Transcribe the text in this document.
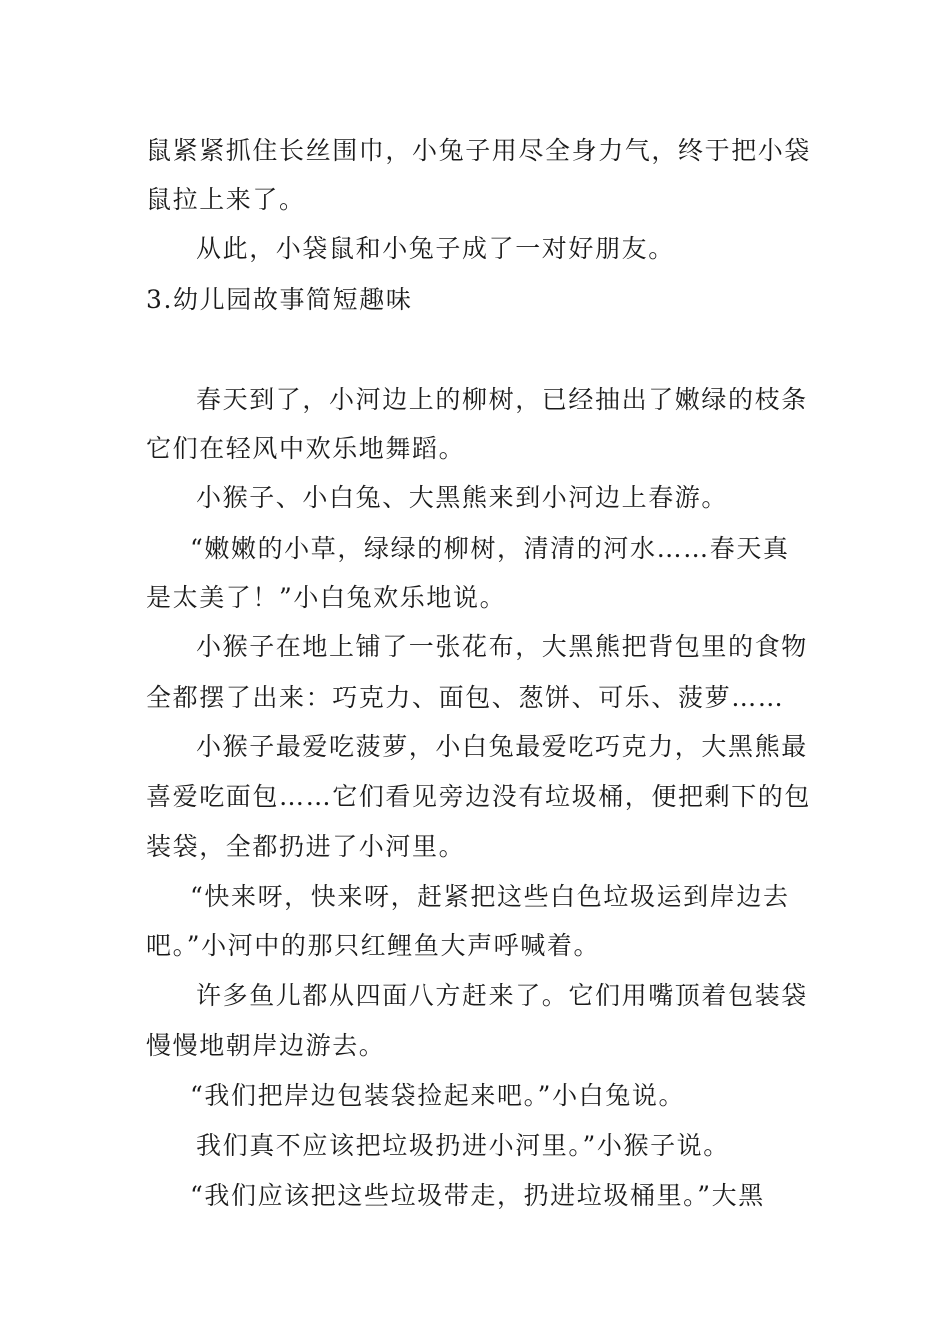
鼠紧紧抓住长丝围巾，小兔子用尽全身力气，终于把小袋
鼠拉上来了。
从此，小袋鼠和小兔子成了一对好朋友。
3.幼儿园故事简短趣味
春天到了，小河边上的柳树，已经抽出了嫩绿的枝条
它们在轻风中欢乐地舞蹈。
小猴子、小白兔、大黑熊来到小河边上春游。
“嫩嫩的小草，绿绿的柳树，清清的河水……春天真
是太美了！”小白兔欢乐地说。
小猴子在地上铺了一张花布，大黑熊把背包里的食物
全都摆了出来：巧克力、面包、葱饼、可乐、菠萝……
小猴子最爱吃菠萝，小白兔最爱吃巧克力，大黑熊最
喜爱吃面包……它们看见旁边没有垃圾桶，便把剩下的包
装袋，全都扔进了小河里。
“快来呀，快来呀，赶紧把这些白色垃圾运到岸边去
吧。”小河中的那只红鲤鱼大声呼喊着。
许多鱼儿都从四面八方赶来了。它们用嘴顶着包装袋
慢慢地朝岸边游去。
“我们把岸边包装袋捡起来吧。”小白兔说。
我们真不应该把垃圾扔进小河里。”小猴子说。
“我们应该把这些垃圾带走，扔进垃圾桶里。”大黑
